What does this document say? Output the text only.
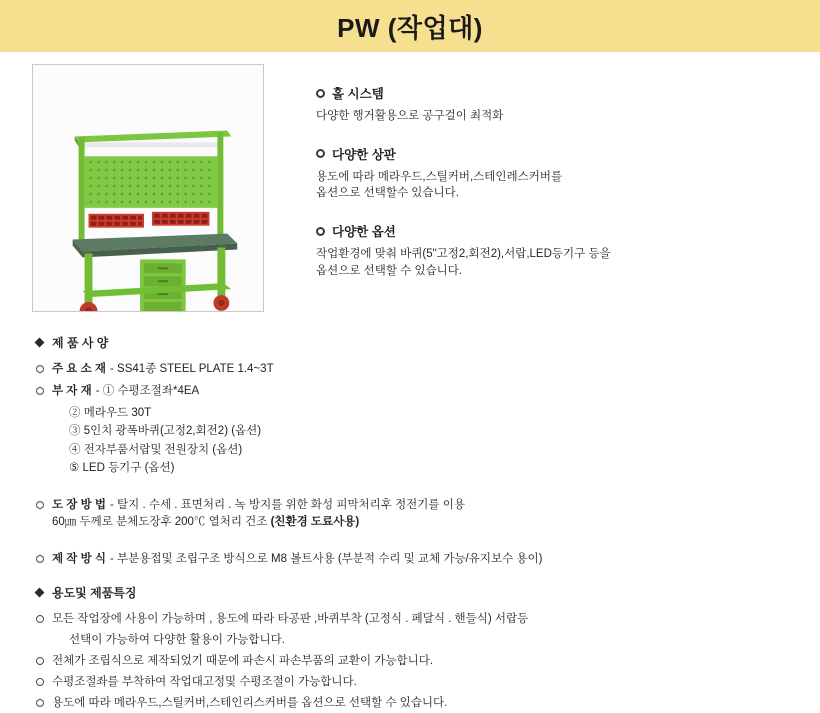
PW (작업대)
홀 시스템
다양한 행거활용으로 공구걸이 최적화
다양한 상판
용도에 따라 메라우드,스틸커버,스테인레스커버를
옵션으로 선택할수 있습니다.
다양한 옵션
작업환경에 맞춰 바퀴(5"고정2,회전2),서랍,LED등기구 등을
옵션으로 선택할 수 있습니다.
제 품 사 양
주 요 소 재 - SS41종 STEEL PLATE 1.4~3T
부 자 재 - ① 수평조절좌*4EA
② 메라우드 30T
③ 5인치 광폭바퀴(고정2,회전2) (옵션)
④ 전자부품서랍및 전원장치 (옵션)
⑤ LED 등기구 (옵션)
도 장 방 법 - 탈지 . 수세 . 표면처리 . 녹 방지를 위한 화성 피막처리후 정전기를 이용
60㎛ 두께로 분체도장후 200℃ 열처리 건조 (친환경 도료사용)
제 작 방 식 - 부분용접및 조립구조 방식으로 M8 볼트사용 (부분적 수리 및 교체 가능/유지보수 용이)
용도및 제품특징
모든 작업장에 사용이 가능하며 , 용도에 따라 타공판 ,바퀴부착 (고정식 . 페달식 . 핸들식) 서랍등
선택이 가능하여 다양한 활용이 가능합니다.
전체가 조립식으로 제작되었기 때문에 파손시 파손부품의 교환이 가능합니다.
수평조절좌를 부착하여 작업대고정및 수평조절이 가능합니다.
용도에 따라 메라우드,스틸커버,스테인리스커버를 옵션으로 선택할 수 있습니다.
